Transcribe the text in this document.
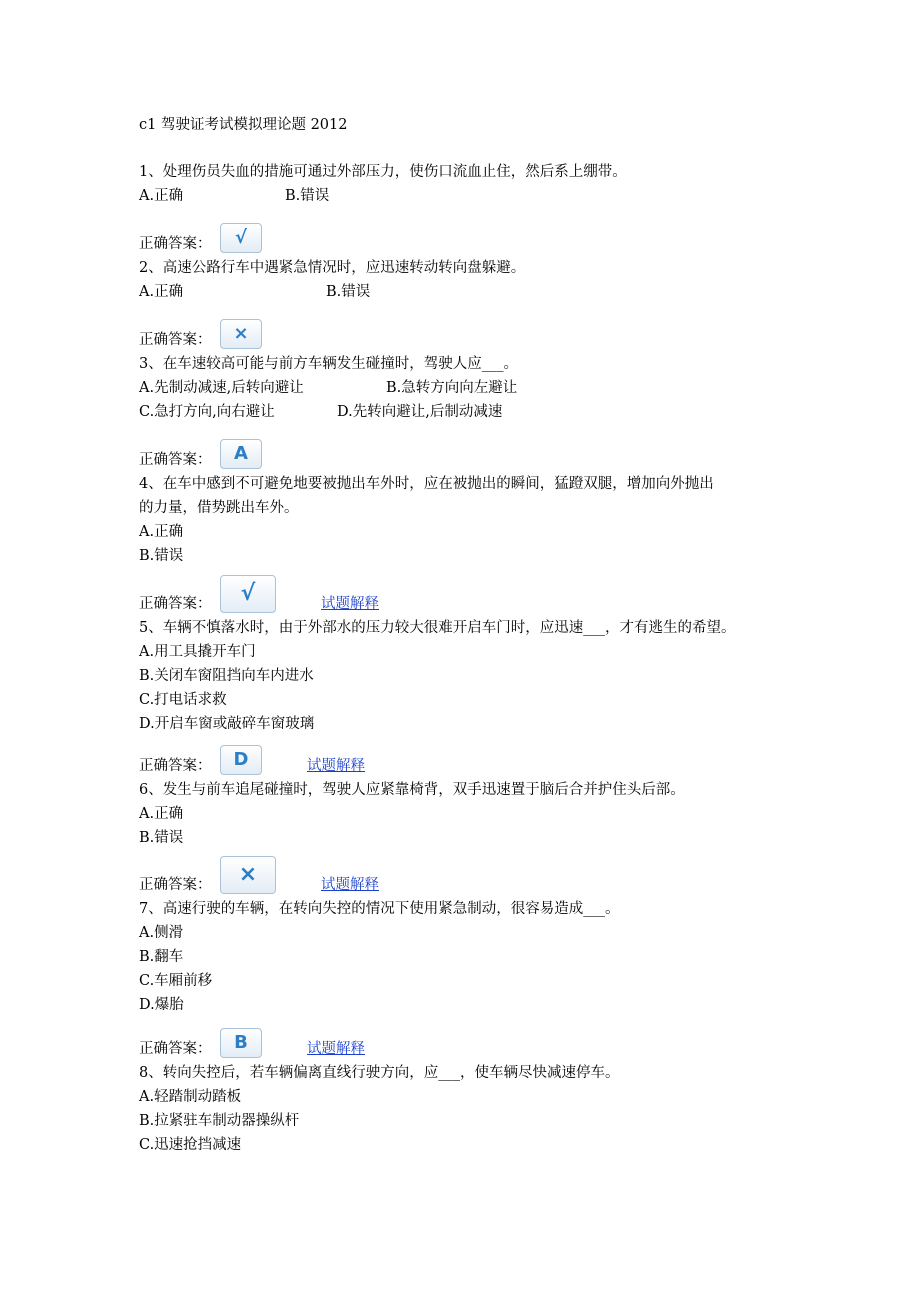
c1 驾驶证考试模拟理论题 2012
1、处理伤员失血的措施可通过外部压力，使伤口流血止住，然后系上绷带。
A.正确	B.错误
正确答案：	√
2、高速公路行车中遇紧急情况时，应迅速转动转向盘躲避。
A.正确	B.错误
正确答案：	×
3、在车速较高可能与前方车辆发生碰撞时，驾驶人应___。
A.先制动减速,后转向避让	B.急转方向向左避让
C.急打方向,向右避让	D.先转向避让,后制动减速
正确答案：	A
4、在车中感到不可避免地要被抛出车外时，应在被抛出的瞬间，猛蹬双腿，增加向外抛出
的力量，借势跳出车外。
A.正确
B.错误
正确答案：	√	试题解释
5、车辆不慎落水时，由于外部水的压力较大很难开启车门时，应迅速___，才有逃生的希望。
A.用工具撬开车门
B.关闭车窗阻挡向车内进水
C.打电话求救
D.开启车窗或敲碎车窗玻璃
正确答案：	D	试题解释
6、发生与前车追尾碰撞时，驾驶人应紧靠椅背，双手迅速置于脑后合并护住头后部。
A.正确
B.错误
正确答案：	×	试题解释
7、高速行驶的车辆，在转向失控的情况下使用紧急制动，很容易造成___。
A.侧滑
B.翻车
C.车厢前移
D.爆胎
正确答案：	B	试题解释
8、转向失控后，若车辆偏离直线行驶方向，应___，使车辆尽快减速停车。
A.轻踏制动踏板
B.拉紧驻车制动器操纵杆
C.迅速抢挡减速
